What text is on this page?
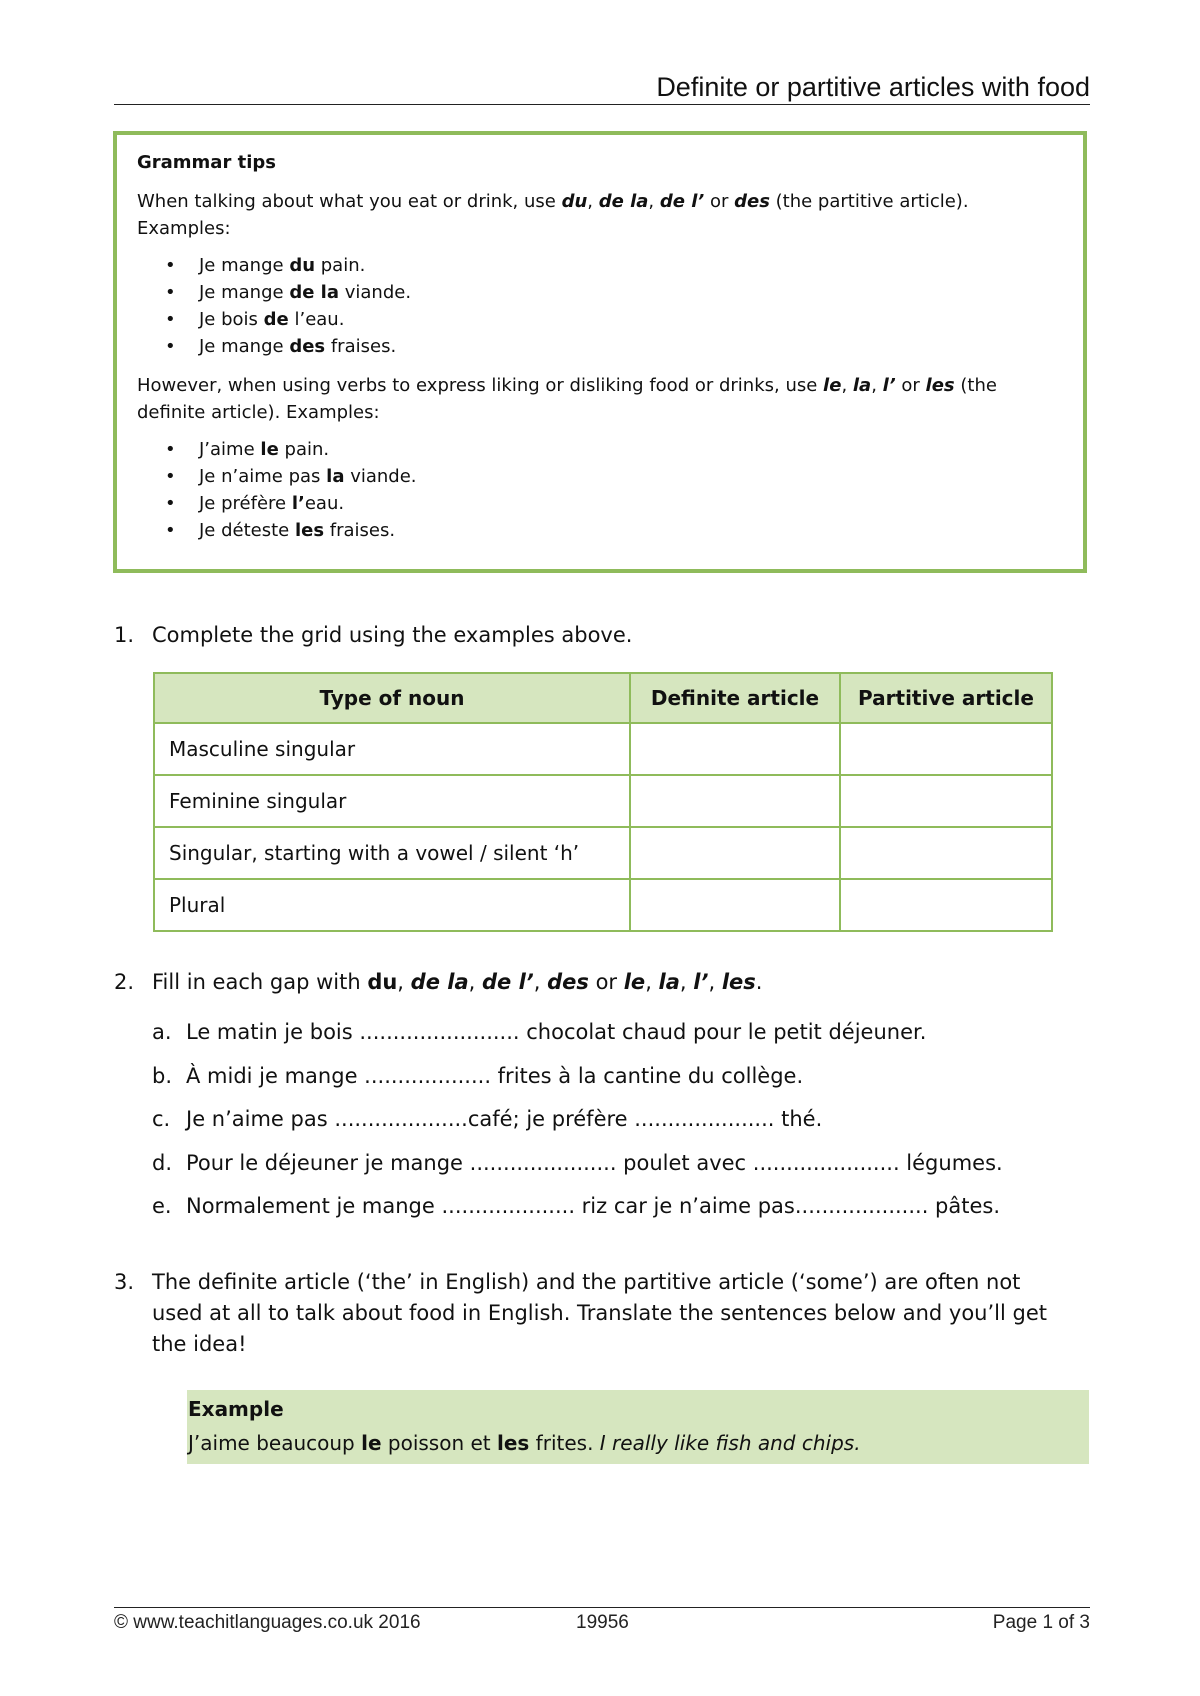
Definite or partitive articles with food

Grammar tips

When talking about what you eat or drink, use du, de la, de l’ or des (the partitive article).
Examples:

• Je mange du pain.
• Je mange de la viande.
• Je bois de l’eau.
• Je mange des fraises.

However, when using verbs to express liking or disliking food or drinks, use le, la, l’ or les (the
definite article). Examples:

• J’aime le pain.
• Je n’aime pas la viande.
• Je préfère l’eau.
• Je déteste les fraises.
1. Complete the grid using the examples above.
Type of noun	Definite article	Partitive article
Masculine singular		
Feminine singular		
Singular, starting with a vowel / silent ‘h’		
Plural		
2. Fill in each gap with du, de la, de l’, des or le, la, l’, les.
a. Le matin je bois ........................ chocolat chaud pour le petit déjeuner.
b. À midi je mange ................... frites à la cantine du collège.
c. Je n’aime pas ....................café; je préfère ..................... thé.
d. Pour le déjeuner je mange ...................... poulet avec ...................... légumes.
e. Normalement je mange .................... riz car je n’aime pas.................... pâtes.
3. The definite article (‘the’ in English) and the partitive article (‘some’) are often not
used at all to talk about food in English. Translate the sentences below and you’ll get
the idea!
Example
J’aime beaucoup le poisson et les frites. I really like fish and chips.
© www.teachitlanguages.co.uk 2016	19956	Page 1 of 3
